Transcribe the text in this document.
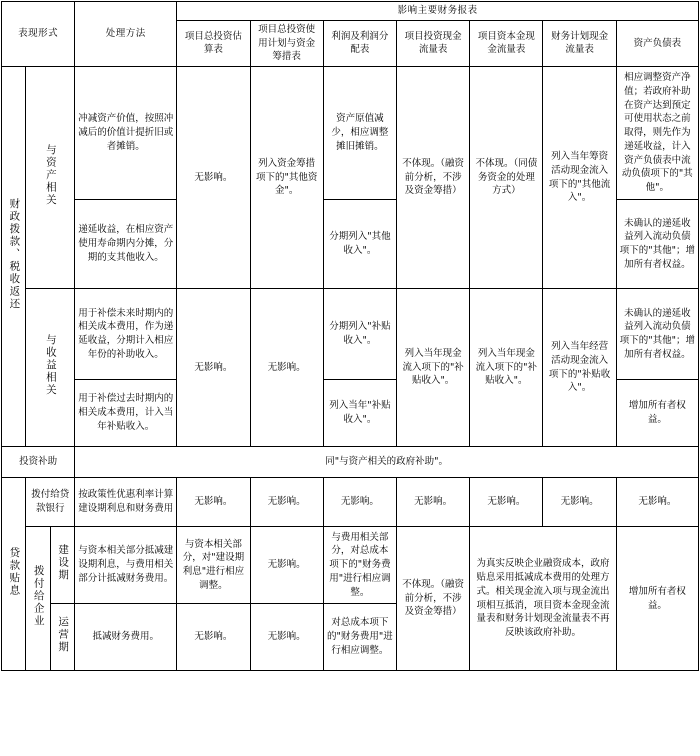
表现形式			处理方法	影响主要财务报表						
				项目总投资估算表	项目总投资使用计划与资金筹措表	利润及利润分配表	项目投资现金流量表	项目资本金现金流量表	财务计划现金流量表	资产负债表
财政拨款、税收返还	与资产相关		冲减资产价值，按照冲减后的价值计提折旧或者摊销。	无影响。	列入资金筹措项下的"其他资金"。	资产原值减少，相应调整摊旧摊销。	不体现。（融资前分析，不涉及资金筹措）	不体现。（同债务资金的处理方式）	列入当年筹资活动现金流入项下的"其他流入"。	相应调整资产净值；若政府补助在资产达到预定可使用状态之前取得，则先作为递延收益，计入资产负债表中流动负债项下的"其他"。
			递延收益，在相应资产使用寿命期内分摊，分期的支其他收入。			分期列入"其他收入"。				未确认的递延收益列入流动负债项下的"其他"；增加所有者权益。
	与收益相关		用于补偿未来时期内的相关成本费用，作为递延收益，分期计入相应年份的补助收入。	无影响。	无影响。	分期列入"补贴收入"。	列入当年现金流入项下的"补贴收入"。	列入当年现金流入项下的"补贴收入"。	列入当年经营活动现金流入项下的"补贴收入"。	未确认的递延收益列入流动负债项下的"其他"；增加所有者权益。
			用于补偿过去时期内的相关成本费用，计入当年补贴收入。			列入当年"补贴收入"。				增加所有者权益。
投资补助			同"与资产相关的政府补助"。							
贷款贴息	拨付给贷款银行		按政策性优惠利率计算建设期利息和财务费用	无影响。	无影响。	无影响。	无影响。	无影响。	无影响。	无影响。
	拨付给企业	建设期	与资本相关部分抵减建设期利息，与费用相关部分计抵减财务费用。	与资本相关部分，对"建设期利息"进行相应调整。	无影响。	与费用相关部分，对总成本项下的"财务费用"进行相应调整。	不体现。（融资前分析，不涉及资金筹措）	为真实反映企业融资成本，政府贴息采用抵减成本费用的处理方式。相关现金流入项与现金流出项相互抵消，项目资本金现金流量表和财务计划现金流量表不再反映该政府补助。		增加所有者权益。
		运营期	抵减财务费用。	无影响。	无影响。	对总成本项下的"财务费用"进行相应调整。				
